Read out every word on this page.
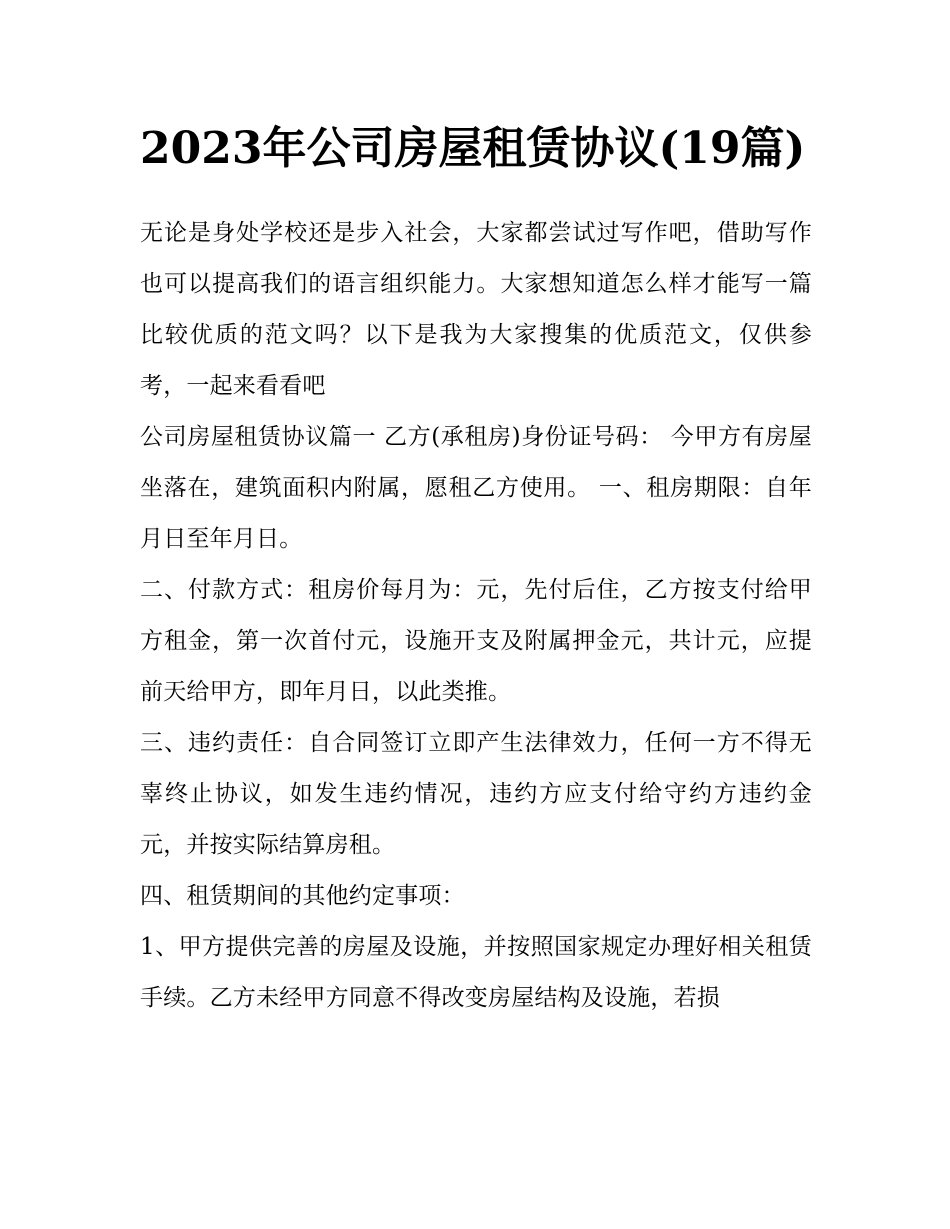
2023年公司房屋租赁协议(19篇)

无论是身处学校还是步入社会，大家都尝试过写作吧，借助写作也可以提高我们的语言组织能力。大家想知道怎么样才能写一篇比较优质的范文吗？以下是我为大家搜集的优质范文，仅供参考，一起来看看吧

公司房屋租赁协议篇一 乙方(承租房)身份证号码： 今甲方有房屋坐落在，建筑面积内附属，愿租乙方使用。 一、租房期限：自年月日至年月日。

二、付款方式：租房价每月为：元，先付后住，乙方按支付给甲方租金，第一次首付元，设施开支及附属押金元，共计元，应提前天给甲方，即年月日，以此类推。

三、违约责任：自合同签订立即产生法律效力，任何一方不得无辜终止协议，如发生违约情况，违约方应支付给守约方违约金元，并按实际结算房租。

四、租赁期间的其他约定事项：

1、甲方提供完善的房屋及设施，并按照国家规定办理好相关租赁手续。乙方未经甲方同意不得改变房屋结构及设施，若损
